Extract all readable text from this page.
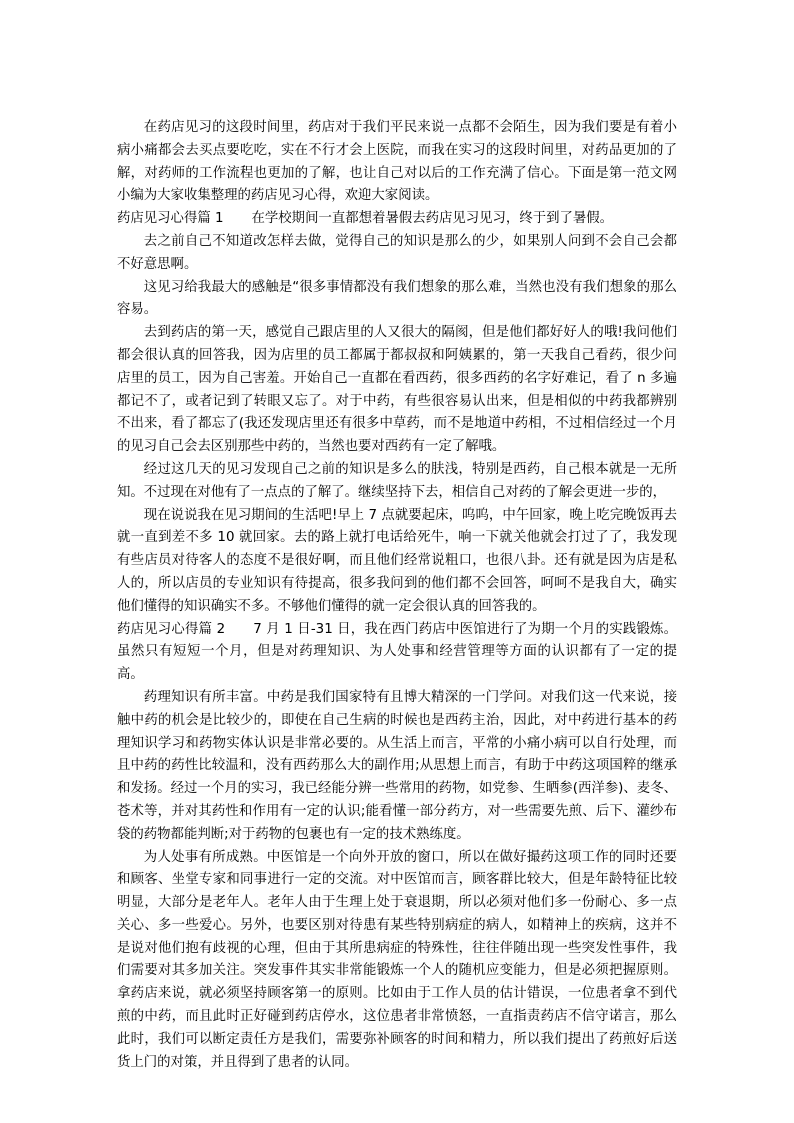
在药店见习的这段时间里，药店对于我们平民来说一点都不会陌生，因为我们要是有着小病小痛都会去买点要吃吃，实在不行才会上医院，而我在实习的这段时间里，对药品更加的了解，对药师的工作流程也更加的了解，也让自己对以后的工作充满了信心。下面是第一范文网小编为大家收集整理的药店见习心得，欢迎大家阅读。

药店见习心得篇 1 在学校期间一直都想着暑假去药店见习见习，终于到了暑假。

去之前自己不知道改怎样去做，觉得自己的知识是那么的少，如果别人问到不会自己会都不好意思啊。

这见习给我最大的感触是“很多事情都没有我们想象的那么难，当然也没有我们想象的那么容易。

去到药店的第一天，感觉自己跟店里的人又很大的隔阂，但是他们都好好人的哦!我问他们都会很认真的回答我，因为店里的员工都属于都叔叔和阿姨累的，第一天我自己看药，很少问店里的员工，因为自己害羞。开始自己一直都在看西药，很多西药的名字好难记，看了 n 多遍都记不了，或者记到了转眼又忘了。对于中药，有些很容易认出来，但是相似的中药我都辨别不出来，看了都忘了(我还发现店里还有很多中草药，而不是地道中药相，不过相信经过一个月的见习自己会去区别那些中药的，当然也要对西药有一定了解哦。

经过这几天的见习发现自己之前的知识是多么的肤浅，特别是西药，自己根本就是一无所知。不过现在对他有了一点点的了解了。继续坚持下去，相信自己对药的了解会更进一步的，

现在说说我在见习期间的生活吧!早上 7 点就要起床，呜呜，中午回家，晚上吃完晚饭再去就一直到差不多 10 就回家。去的路上就打电话给死牛，响一下就关他就会打过了了，我发现有些店员对待客人的态度不是很好啊，而且他们经常说粗口，也很八卦。还有就是因为店是私人的，所以店员的专业知识有待提高，很多我问到的他们都不会回答，呵呵不是我自大，确实他们懂得的知识确实不多。不够他们懂得的就一定会很认真的回答我的。

药店见习心得篇 2 7 月 1 日-31 日，我在西门药店中医馆进行了为期一个月的实践锻炼。虽然只有短短一个月，但是对药理知识、为人处事和经营管理等方面的认识都有了一定的提高。

药理知识有所丰富。中药是我们国家特有且博大精深的一门学问。对我们这一代来说，接触中药的机会是比较少的，即使在自己生病的时候也是西药主治，因此，对中药进行基本的药理知识学习和药物实体认识是非常必要的。从生活上而言，平常的小痛小病可以自行处理，而且中药的药性比较温和，没有西药那么大的副作用;从思想上而言，有助于中药这项国粹的继承和发扬。经过一个月的实习，我已经能分辨一些常用的药物，如党参、生晒参(西洋参)、麦冬、苍术等，并对其药性和作用有一定的认识;能看懂一部分药方，对一些需要先煎、后下、灌纱布袋的药物都能判断;对于药物的包裹也有一定的技术熟练度。

为人处事有所成熟。中医馆是一个向外开放的窗口，所以在做好撮药这项工作的同时还要和顾客、坐堂专家和同事进行一定的交流。对中医馆而言，顾客群比较大，但是年龄特征比较明显，大部分是老年人。老年人由于生理上处于衰退期，所以必须对他们多一份耐心、多一点关心、多一些爱心。另外，也要区别对待患有某些特别病症的病人，如精神上的疾病，这并不是说对他们抱有歧视的心理，但由于其所患病症的特殊性，往往伴随出现一些突发性事件，我们需要对其多加关注。突发事件其实非常能锻炼一个人的随机应变能力，但是必须把握原则。拿药店来说，就必须坚持顾客第一的原则。比如由于工作人员的估计错误，一位患者拿不到代煎的中药，而且此时正好碰到药店停水，这位患者非常愤怒，一直指责药店不信守诺言，那么此时，我们可以断定责任方是我们，需要弥补顾客的时间和精力，所以我们提出了药煎好后送货上门的对策，并且得到了患者的认同。
